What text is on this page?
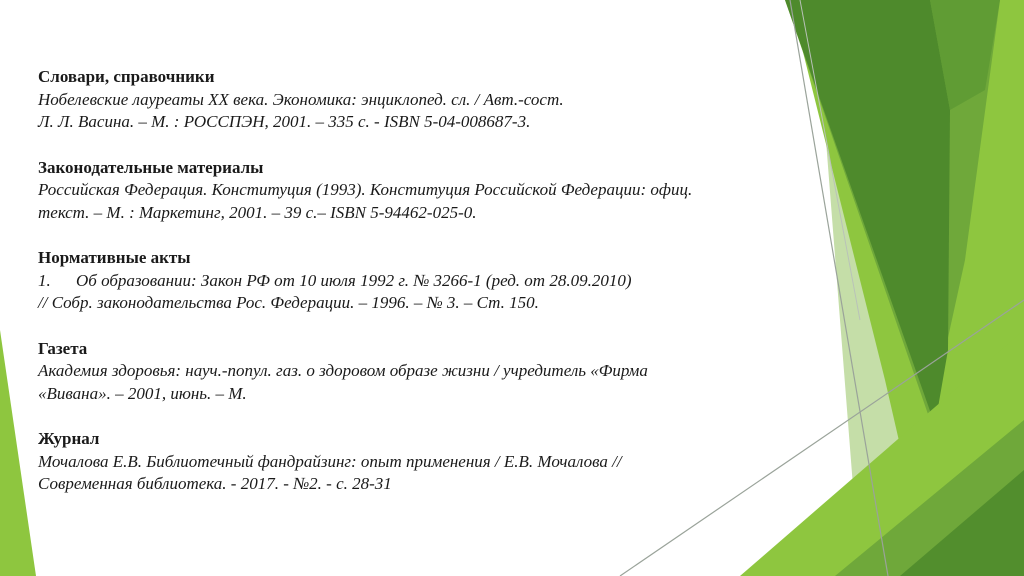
Словари, справочники
Нобелевские лауреаты XX века. Экономика: энциклопед. сл. / Авт.-сост.
Л. Л. Васина. – М. : РОССПЭН, 2001. – 335 с. - ISBN 5-04-008687-3.
Законодательные материалы
Российская Федерация. Конституция (1993). Конституция Российской Федерации: офиц.
текст. – М. : Маркетинг, 2001. – 39 с.– ISBN 5-94462-025-0.
Нормативные акты
1. Об образовании: Закон РФ от 10 июля 1992 г. № 3266-1 (ред. от 28.09.2010)
// Собр. законодательства Рос. Федерации. – 1996. – № 3. – Ст. 150.
Газета
Академия здоровья: науч.-попул. газ. о здоровом образе жизни / учредитель «Фирма
«Вивана». – 2001, июнь. – М.
Журнал
Мочалова Е.В. Библиотечный фандрайзинг: опыт применения / Е.В. Мочалова //
Современная библиотека. - 2017. - №2. - с. 28-31
